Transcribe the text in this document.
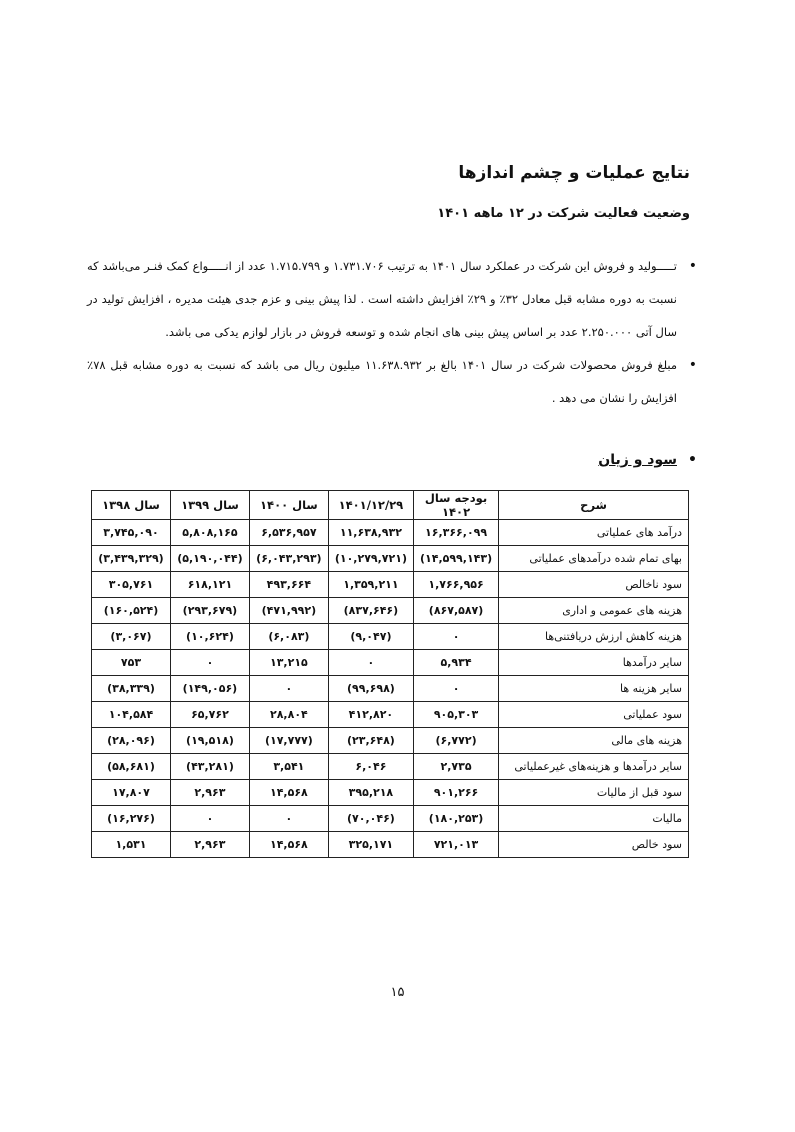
نتایج عملیات و چشم اندازها
وضعیت فعالیت شرکت در ۱۲ ماهه ۱۴۰۱
•
تـــــولید و فروش این شرکت در عملکرد سال ۱۴۰۱ به ترتیب ۱.۷۳۱.۷۰۶ و ۱.۷۱۵.۷۹۹ عدد از انـــــواع کمک فنـر می‌باشد که نسبت به دوره مشابه قبل معادل ۳۲٪ و ۲۹٪ افزایش داشته است . لذا پیش بینی و عزم جدی هیئت مدیره ، افزایش تولید در سال آتی ۲.۲۵۰.۰۰۰ عدد بر اساس پیش بینی های انجام شده و توسعه فروش در بازار لوازم یدکی می باشد.
•
مبلغ فروش محصولات شرکت در سال ۱۴۰۱ بالغ بر ۱۱.۶۳۸.۹۳۲ میلیون ریال می باشد که نسبت به دوره مشابه قبل ۷۸٪ افزایش را نشان می دهد .
•
سود و زیان
شرح	بودجه سال ۱۴۰۲	۱۴۰۱/۱۲/۲۹	سال ۱۴۰۰	سال ۱۳۹۹	سال ۱۳۹۸
درآمد های عملیاتی	۱۶,۳۶۶,۰۹۹	۱۱,۶۳۸,۹۳۲	۶,۵۳۶,۹۵۷	۵,۸۰۸,۱۶۵	۳,۷۴۵,۰۹۰
بهای تمام شده درآمدهای عملیاتی	(۱۴,۵۹۹,۱۴۳)	(۱۰,۲۷۹,۷۲۱)	(۶,۰۴۳,۲۹۳)	(۵,۱۹۰,۰۴۴)	(۳,۴۳۹,۳۲۹)
سود ناخالص	۱,۷۶۶,۹۵۶	۱,۳۵۹,۲۱۱	۴۹۳,۶۶۴	۶۱۸,۱۲۱	۳۰۵,۷۶۱
هزینه های عمومی و اداری	(۸۶۷,۵۸۷)	(۸۳۷,۶۴۶)	(۴۷۱,۹۹۲)	(۲۹۳,۶۷۹)	(۱۶۰,۵۲۴)
هزینه کاهش ارزش دریافتنی‌ها	۰	(۹,۰۴۷)	(۶,۰۸۳)	(۱۰,۶۲۴)	(۳,۰۶۷)
سایر درآمدها	۵,۹۳۴	۰	۱۳,۲۱۵	۰	۷۵۳
سایر هزینه ها	۰	(۹۹,۶۹۸)	۰	(۱۴۹,۰۵۶)	(۳۸,۳۳۹)
سود عملیاتی	۹۰۵,۳۰۳	۴۱۲,۸۲۰	۲۸,۸۰۴	۶۵,۷۶۲	۱۰۴,۵۸۴
هزینه های مالی	(۶,۷۷۲)	(۲۳,۶۴۸)	(۱۷,۷۷۷)	(۱۹,۵۱۸)	(۲۸,۰۹۶)
سایر درآمدها و هزینه‌های غیرعملیاتی	۲,۷۳۵	۶,۰۴۶	۳,۵۴۱	(۴۳,۲۸۱)	(۵۸,۶۸۱)
سود قبل از مالیات	۹۰۱,۲۶۶	۳۹۵,۲۱۸	۱۴,۵۶۸	۲,۹۶۳	۱۷,۸۰۷
مالیات	(۱۸۰,۲۵۳)	(۷۰,۰۴۶)	۰	۰	(۱۶,۲۷۶)
سود خالص	۷۲۱,۰۱۳	۳۲۵,۱۷۱	۱۴,۵۶۸	۲,۹۶۳	۱,۵۳۱
۱۵
